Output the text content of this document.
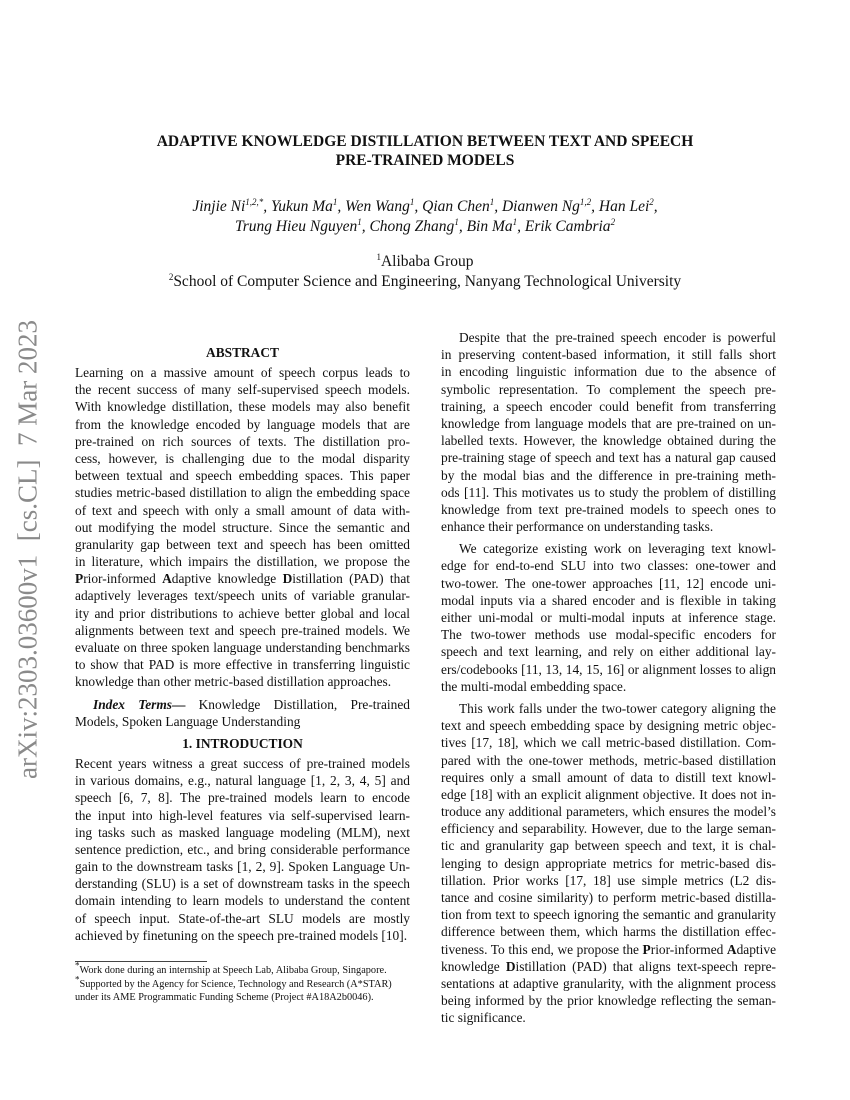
arXiv:2303.03600v1  [cs.CL]  7 Mar 2023
ADAPTIVE KNOWLEDGE DISTILLATION BETWEEN TEXT AND SPEECH
PRE-TRAINED MODELS
Jinjie $Ni^{1,2,*}$, Yukun Ma$^1$, Wen Wang$^1$, Qian Chen$^1$, Dianwen Ng$^{1,2}$, Han Lei$^2$,
Trung Hieu Nguyen$^1$, Chong Zhang$^1$, Bin Ma$^1$, Erik Cambria$^2$
$^1$Alibaba Group
$^2$School of Computer Science and Engineering, Nanyang Technological University
ABSTRACT
Learning on a massive amount of speech corpus leads to
the recent success of many self-supervised speech models.
With knowledge distillation, these models may also benefit
from the knowledge encoded by language models that are
pre-trained on rich sources of texts. The distillation pro-
cess, however, is challenging due to the modal disparity
between textual and speech embedding spaces. This paper
studies metric-based distillation to align the embedding space
of text and speech with only a small amount of data with-
out modifying the model structure. Since the semantic and
granularity gap between text and speech has been omitted
in literature, which impairs the distillation, we propose the
Prior-informed Adaptive knowledge Distillation (PAD) that
adaptively leverages text/speech units of variable granular-
ity and prior distributions to achieve better global and local
alignments between text and speech pre-trained models. We
evaluate on three spoken language understanding benchmarks
to show that PAD is more effective in transferring linguistic
knowledge than other metric-based distillation approaches.
Index Terms— Knowledge Distillation, Pre-trained
Models, Spoken Language Understanding
1. INTRODUCTION
Recent years witness a great success of pre-trained models
in various domains, e.g., natural language [1, 2, 3, 4, 5] and
speech [6, 7, 8]. The pre-trained models learn to encode
the input into high-level features via self-supervised learn-
ing tasks such as masked language modeling (MLM), next
sentence prediction, etc., and bring considerable performance
gain to the downstream tasks [1, 2, 9]. Spoken Language Un-
derstanding (SLU) is a set of downstream tasks in the speech
domain intending to learn models to understand the content
of speech input. State-of-the-art SLU models are mostly
achieved by finetuning on the speech pre-trained models [10].
Despite that the pre-trained speech encoder is powerful
in preserving content-based information, it still falls short
in encoding linguistic information due to the absence of
symbolic representation. To complement the speech pre-
training, a speech encoder could benefit from transferring
knowledge from language models that are pre-trained on un-
labelled texts. However, the knowledge obtained during the
pre-training stage of speech and text has a natural gap caused
by the modal bias and the difference in pre-training meth-
ods [11]. This motivates us to study the problem of distilling
knowledge from text pre-trained models to speech ones to
enhance their performance on understanding tasks.
We categorize existing work on leveraging text knowl-
edge for end-to-end SLU into two classes: one-tower and
two-tower. The one-tower approaches [11, 12] encode uni-
modal inputs via a shared encoder and is flexible in taking
either uni-modal or multi-modal inputs at inference stage.
The two-tower methods use modal-specific encoders for
speech and text learning, and rely on either additional lay-
ers/codebooks [11, 13, 14, 15, 16] or alignment losses to align
the multi-modal embedding space.
This work falls under the two-tower category aligning the
text and speech embedding space by designing metric objec-
tives [17, 18], which we call metric-based distillation. Com-
pared with the one-tower methods, metric-based distillation
requires only a small amount of data to distill text knowl-
edge [18] with an explicit alignment objective. It does not in-
troduce any additional parameters, which ensures the model’s
efficiency and separability. However, due to the large seman-
tic and granularity gap between speech and text, it is chal-
lenging to design appropriate metrics for metric-based dis-
tillation. Prior works [17, 18] use simple metrics (L2 dis-
tance and cosine similarity) to perform metric-based distilla-
tion from text to speech ignoring the semantic and granularity
difference between them, which harms the distillation effec-
tiveness. To this end, we propose the Prior-informed Adaptive
knowledge Distillation (PAD) that aligns text-speech repre-
sentations at adaptive granularity, with the alignment process
being informed by the prior knowledge reflecting the seman-
tic significance.
*Work done during an internship at Speech Lab, Alibaba Group, Singapore.
*Supported by the Agency for Science, Technology and Research (A*STAR) under its AME Programmatic Funding Scheme (Project #A18A2b0046).
